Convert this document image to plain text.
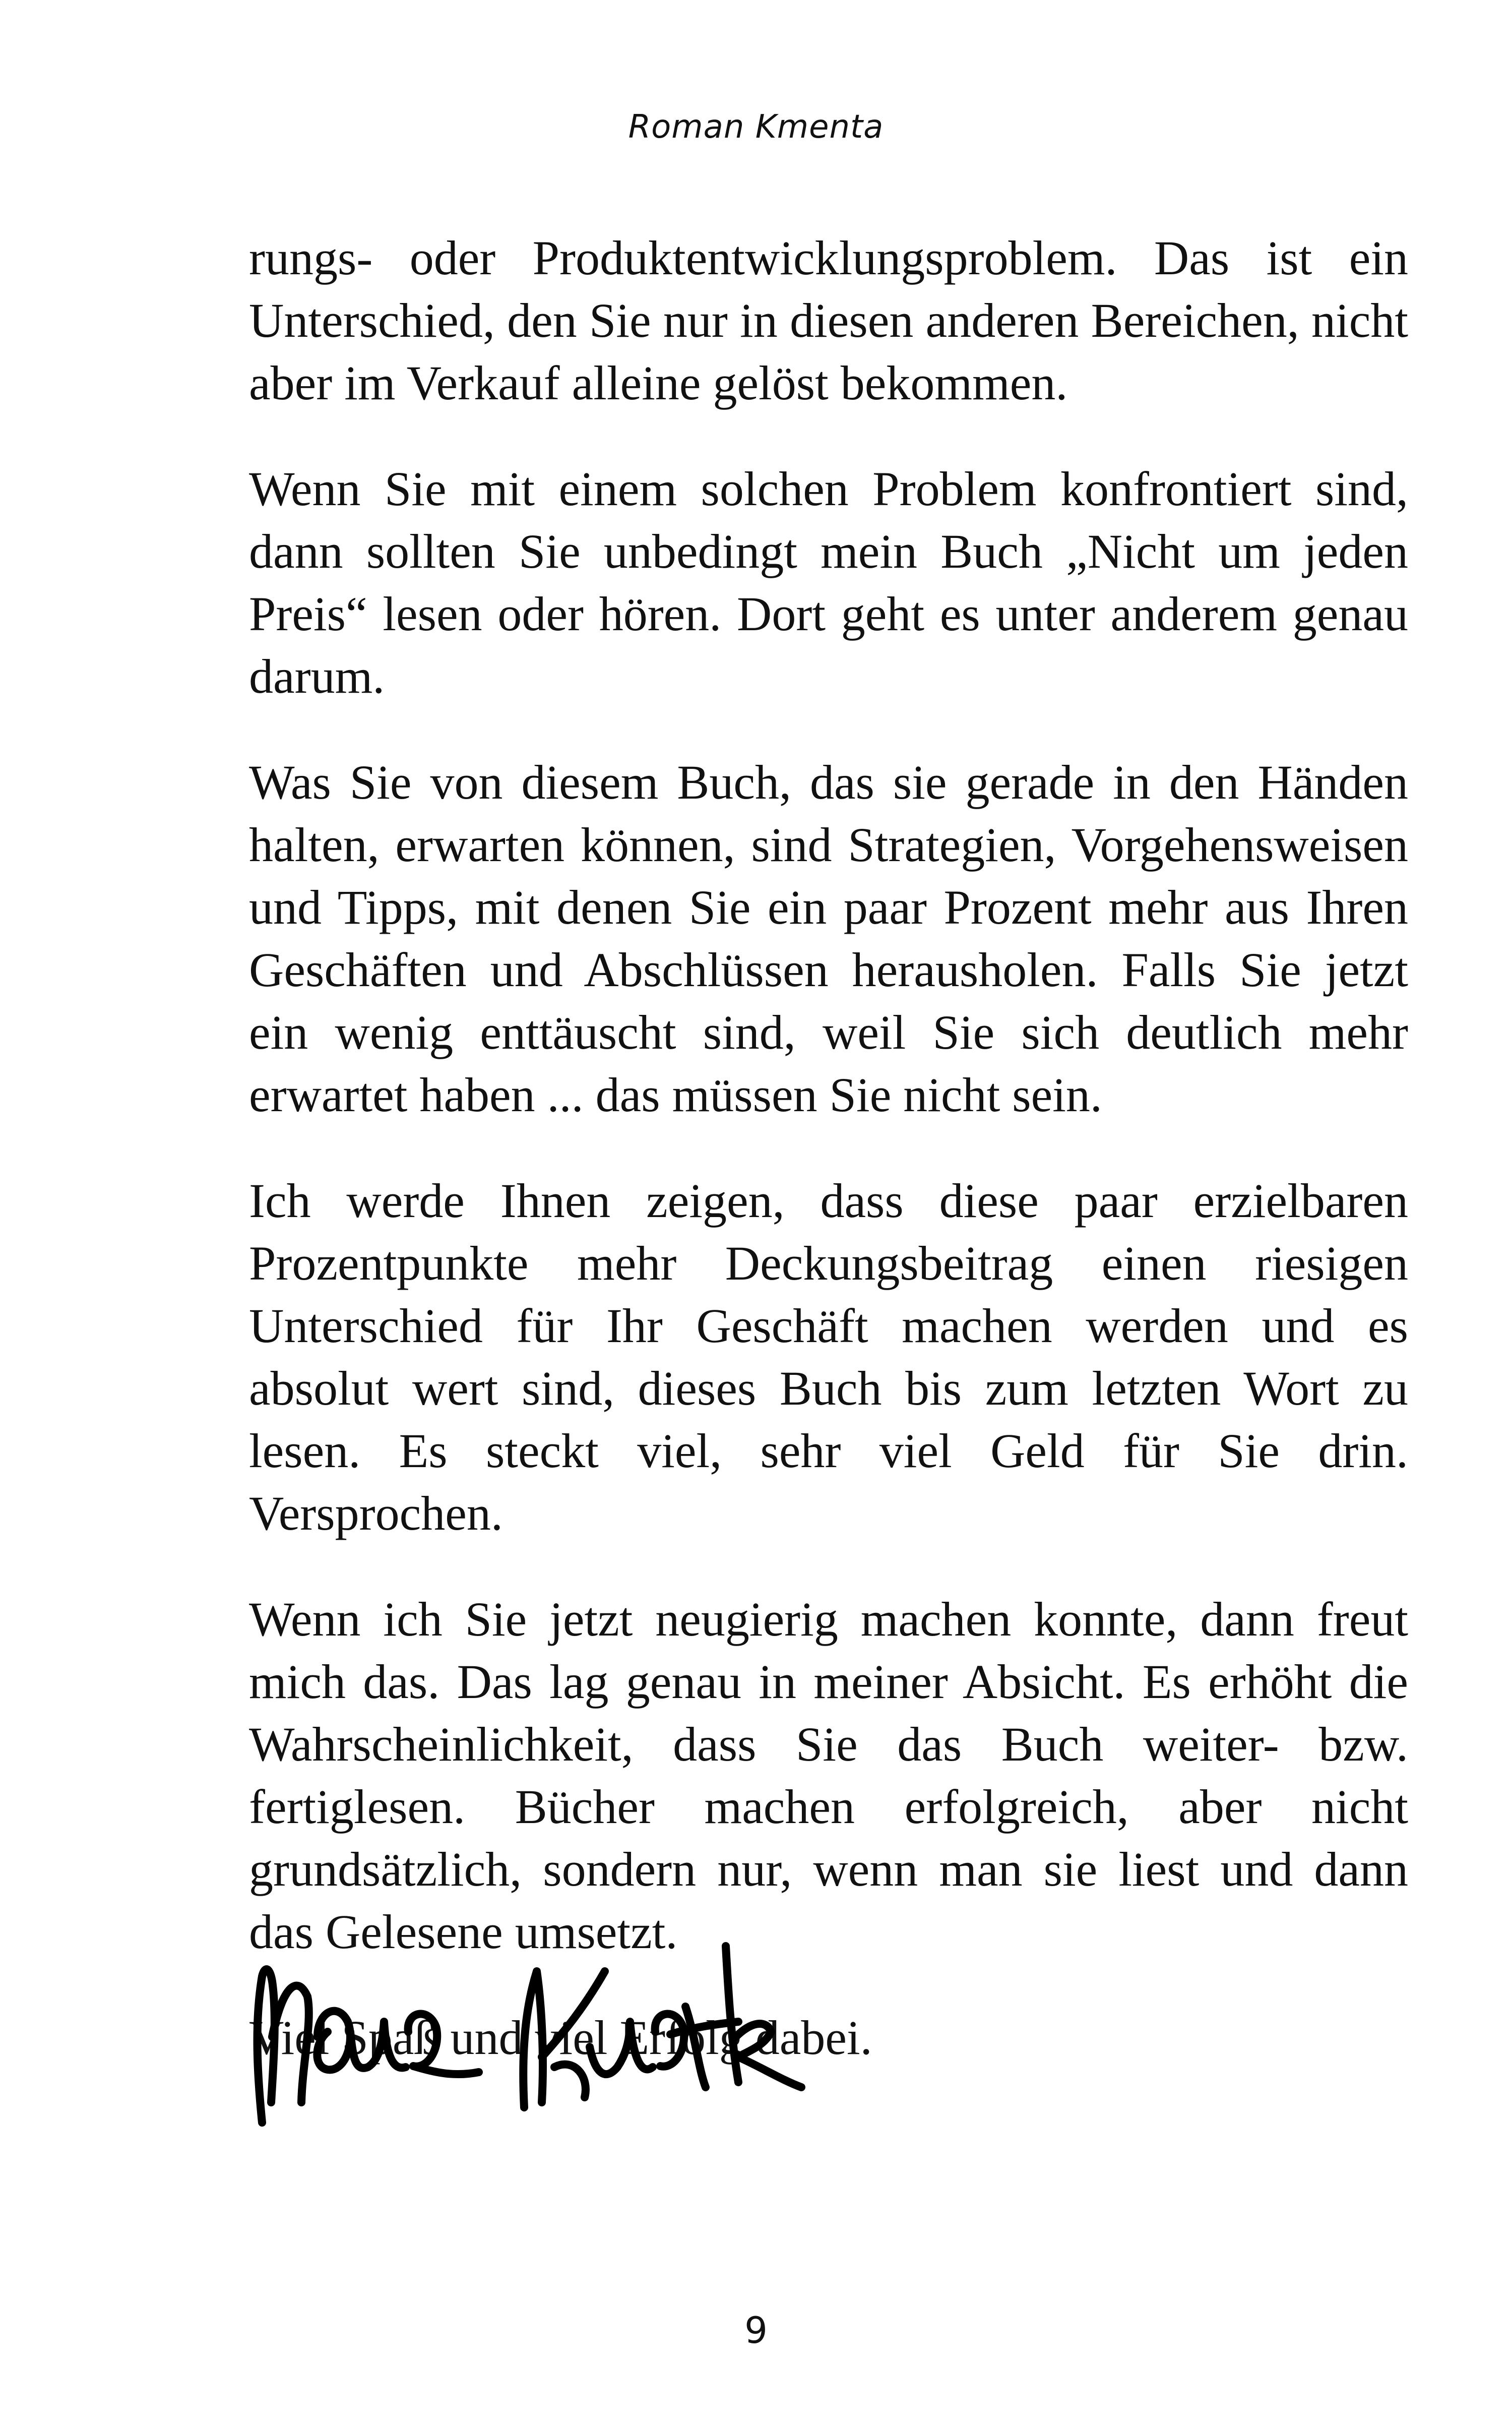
Roman Kmenta

rungs- oder Produktentwicklungsproblem. Das ist ein Unterschied, den Sie nur in diesen anderen Bereichen, nicht aber im Verkauf alleine gelöst bekommen.

Wenn Sie mit einem solchen Problem konfrontiert sind, dann sollten Sie unbedingt mein Buch „Nicht um jeden Preis“ lesen oder hören. Dort geht es unter anderem genau darum.

Was Sie von diesem Buch, das sie gerade in den Händen halten, erwarten können, sind Strategien, Vorgehensweisen und Tipps, mit denen Sie ein paar Prozent mehr aus Ihren Geschäften und Abschlüssen herausholen. Falls Sie jetzt ein wenig enttäuscht sind, weil Sie sich deutlich mehr erwartet haben ... das müssen Sie nicht sein.

Ich werde Ihnen zeigen, dass diese paar erzielbaren Prozentpunkte mehr Deckungsbeitrag einen riesigen Unterschied für Ihr Geschäft machen werden und es absolut wert sind, dieses Buch bis zum letzten Wort zu lesen. Es steckt viel, sehr viel Geld für Sie drin. Versprochen.

Wenn ich Sie jetzt neugierig machen konnte, dann freut mich das. Das lag genau in meiner Absicht. Es erhöht die Wahrscheinlichkeit, dass Sie das Buch weiter- bzw. fertiglesen. Bücher machen erfolgreich, aber nicht grundsätzlich, sondern nur, wenn man sie liest und dann das Gelesene umsetzt.

Viel Spaß und viel Erfolg dabei.

9
